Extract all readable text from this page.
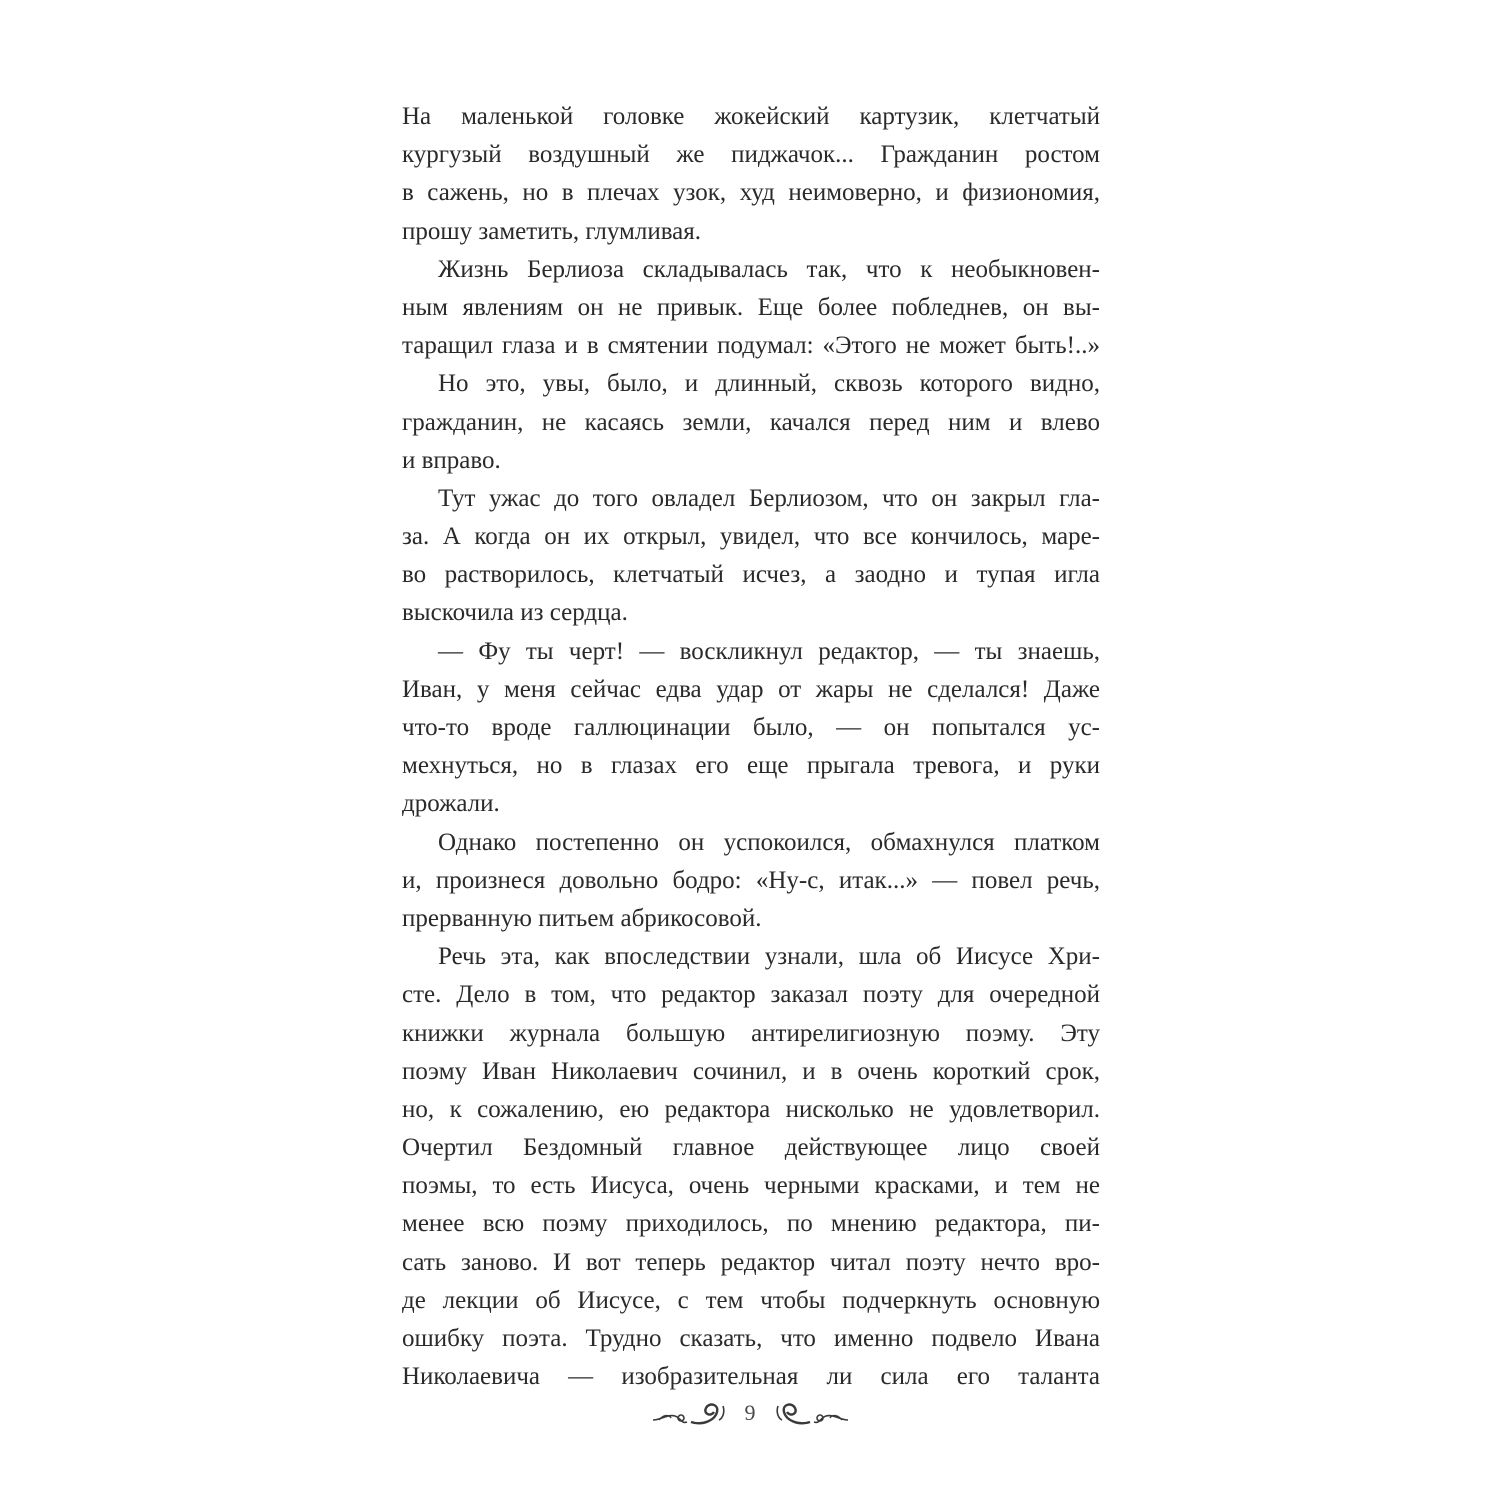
На маленькой головке жокейский картузик, клетчатый
кургузый воздушный же пиджачок... Гражданин ростом
в сажень, но в плечах узок, худ неимоверно, и физиономия,
прошу заметить, глумливая.
Жизнь Берлиоза складывалась так, что к необыкновен-
ным явлениям он не привык. Еще более побледнев, он вы-
таращил глаза и в смятении подумал: «Этого не может быть!..»
Но это, увы, было, и длинный, сквозь которого видно,
гражданин, не касаясь земли, качался перед ним и влево
и вправо.
Тут ужас до того овладел Берлиозом, что он закрыл гла-
за. А когда он их открыл, увидел, что все кончилось, маре-
во растворилось, клетчатый исчез, а заодно и тупая игла
выскочила из сердца.
— Фу ты черт! — воскликнул редактор, — ты знаешь,
Иван, у меня сейчас едва удар от жары не сделался! Даже
что-то вроде галлюцинации было, — он попытался ус-
мехнуться, но в глазах его еще прыгала тревога, и руки
дрожали.
Однако постепенно он успокоился, обмахнулся платком
и, произнеся довольно бодро: «Ну-с, итак...» — повел речь,
прерванную питьем абрикосовой.
Речь эта, как впоследствии узнали, шла об Иисусе Хри-
сте. Дело в том, что редактор заказал поэту для очередной
книжки журнала большую антирелигиозную поэму. Эту
поэму Иван Николаевич сочинил, и в очень короткий срок,
но, к сожалению, ею редактора нисколько не удовлетворил.
Очертил Бездомный главное действующее лицо своей
поэмы, то есть Иисуса, очень черными красками, и тем не
менее всю поэму приходилось, по мнению редактора, пи-
сать заново. И вот теперь редактор читал поэту нечто вро-
де лекции об Иисусе, с тем чтобы подчеркнуть основную
ошибку поэта. Трудно сказать, что именно подвело Ивана
Николаевича — изобразительная ли сила его таланта
9
